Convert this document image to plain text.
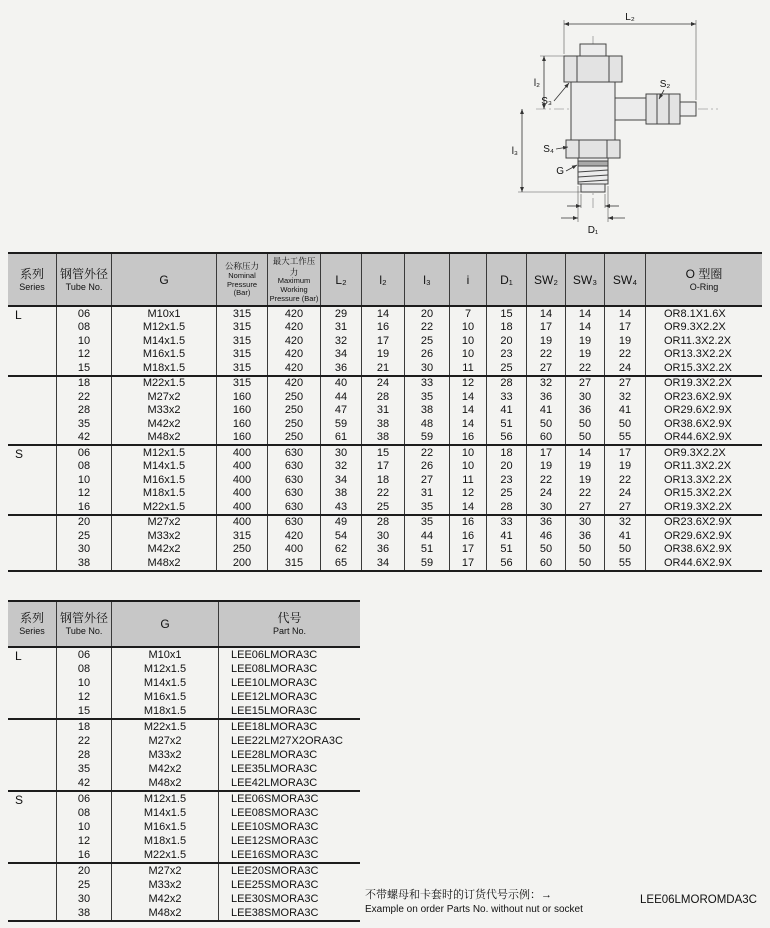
L₂
l₂
l₃
S₃
S₄
S₂
G
D₁
系列
Series

钢管外径
Tube No.
	G	
公称压力
Nominal Pressure (Bar)

最大工作压力
Maximum Working Pressure (Bar)
	L₂	l₂	l₃	i	D₁	SW₂	SW₃	SW₄	O 型圈
O-Ring

L	06	M10x1	315	420	29	14	20	7	15	14	14	14	OR8.1X1.6X
	08	M12x1.5	315	420	31	16	22	10	18	17	14	17	OR9.3X2.2X
	10	M14x1.5	315	420	32	17	25	10	20	19	19	19	OR11.3X2.2X
	12	M16x1.5	315	420	34	19	26	10	23	22	19	22	OR13.3X2.2X
	15	M18x1.5	315	420	36	21	30	11	25	27	22	24	OR15.3X2.2X
	18	M22x1.5	315	420	40	24	33	12	28	32	27	27	OR19.3X2.2X
	22	M27x2	160	250	44	28	35	14	33	36	30	32	OR23.6X2.9X
	28	M33x2	160	250	47	31	38	14	41	41	36	41	OR29.6X2.9X
	35	M42x2	160	250	59	38	48	14	51	50	50	50	OR38.6X2.9X
	42	M48x2	160	250	61	38	59	16	56	60	50	55	OR44.6X2.9X
S	06	M12x1.5	400	630	30	15	22	10	18	17	14	17	OR9.3X2.2X
	08	M14x1.5	400	630	32	17	26	10	20	19	19	19	OR11.3X2.2X
	10	M16x1.5	400	630	34	18	27	11	23	22	19	22	OR13.3X2.2X
	12	M18x1.5	400	630	38	22	31	12	25	24	22	24	OR15.3X2.2X
	16	M22x1.5	400	630	43	25	35	14	28	30	27	27	OR19.3X2.2X
	20	M27x2	400	630	49	28	35	16	33	36	30	32	OR23.6X2.9X
	25	M33x2	315	420	54	30	44	16	41	46	36	41	OR29.6X2.9X
	30	M42x2	250	400	62	36	51	17	51	50	50	50	OR38.6X2.9X
	38	M48x2	200	315	65	34	59	17	56	60	50	55	OR44.6X2.9X
系列
Series

钢管外径
Tube No.
	G	代号
Part No.

L	06	M10x1	LEE06LMORA3C
	08	M12x1.5	LEE08LMORA3C
	10	M14x1.5	LEE10LMORA3C
	12	M16x1.5	LEE12LMORA3C
	15	M18x1.5	LEE15LMORA3C
	18	M22x1.5	LEE18LMORA3C
	22	M27x2	LEE22LM27X2ORA3C
	28	M33x2	LEE28LMORA3C
	35	M42x2	LEE35LMORA3C
	42	M48x2	LEE42LMORA3C
S	06	M12x1.5	LEE06SMORA3C
	08	M14x1.5	LEE08SMORA3C
	10	M16x1.5	LEE10SMORA3C
	12	M18x1.5	LEE12SMORA3C
	16	M22x1.5	LEE16SMORA3C
	20	M27x2	LEE20SMORA3C
	25	M33x2	LEE25SMORA3C
	30	M42x2	LEE30SMORA3C
	38	M48x2	LEE38SMORA3C
不带螺母和卡套时的订货代号示例：→
Example on order Parts No. without nut or socket
LEE06LMOROMDA3C
